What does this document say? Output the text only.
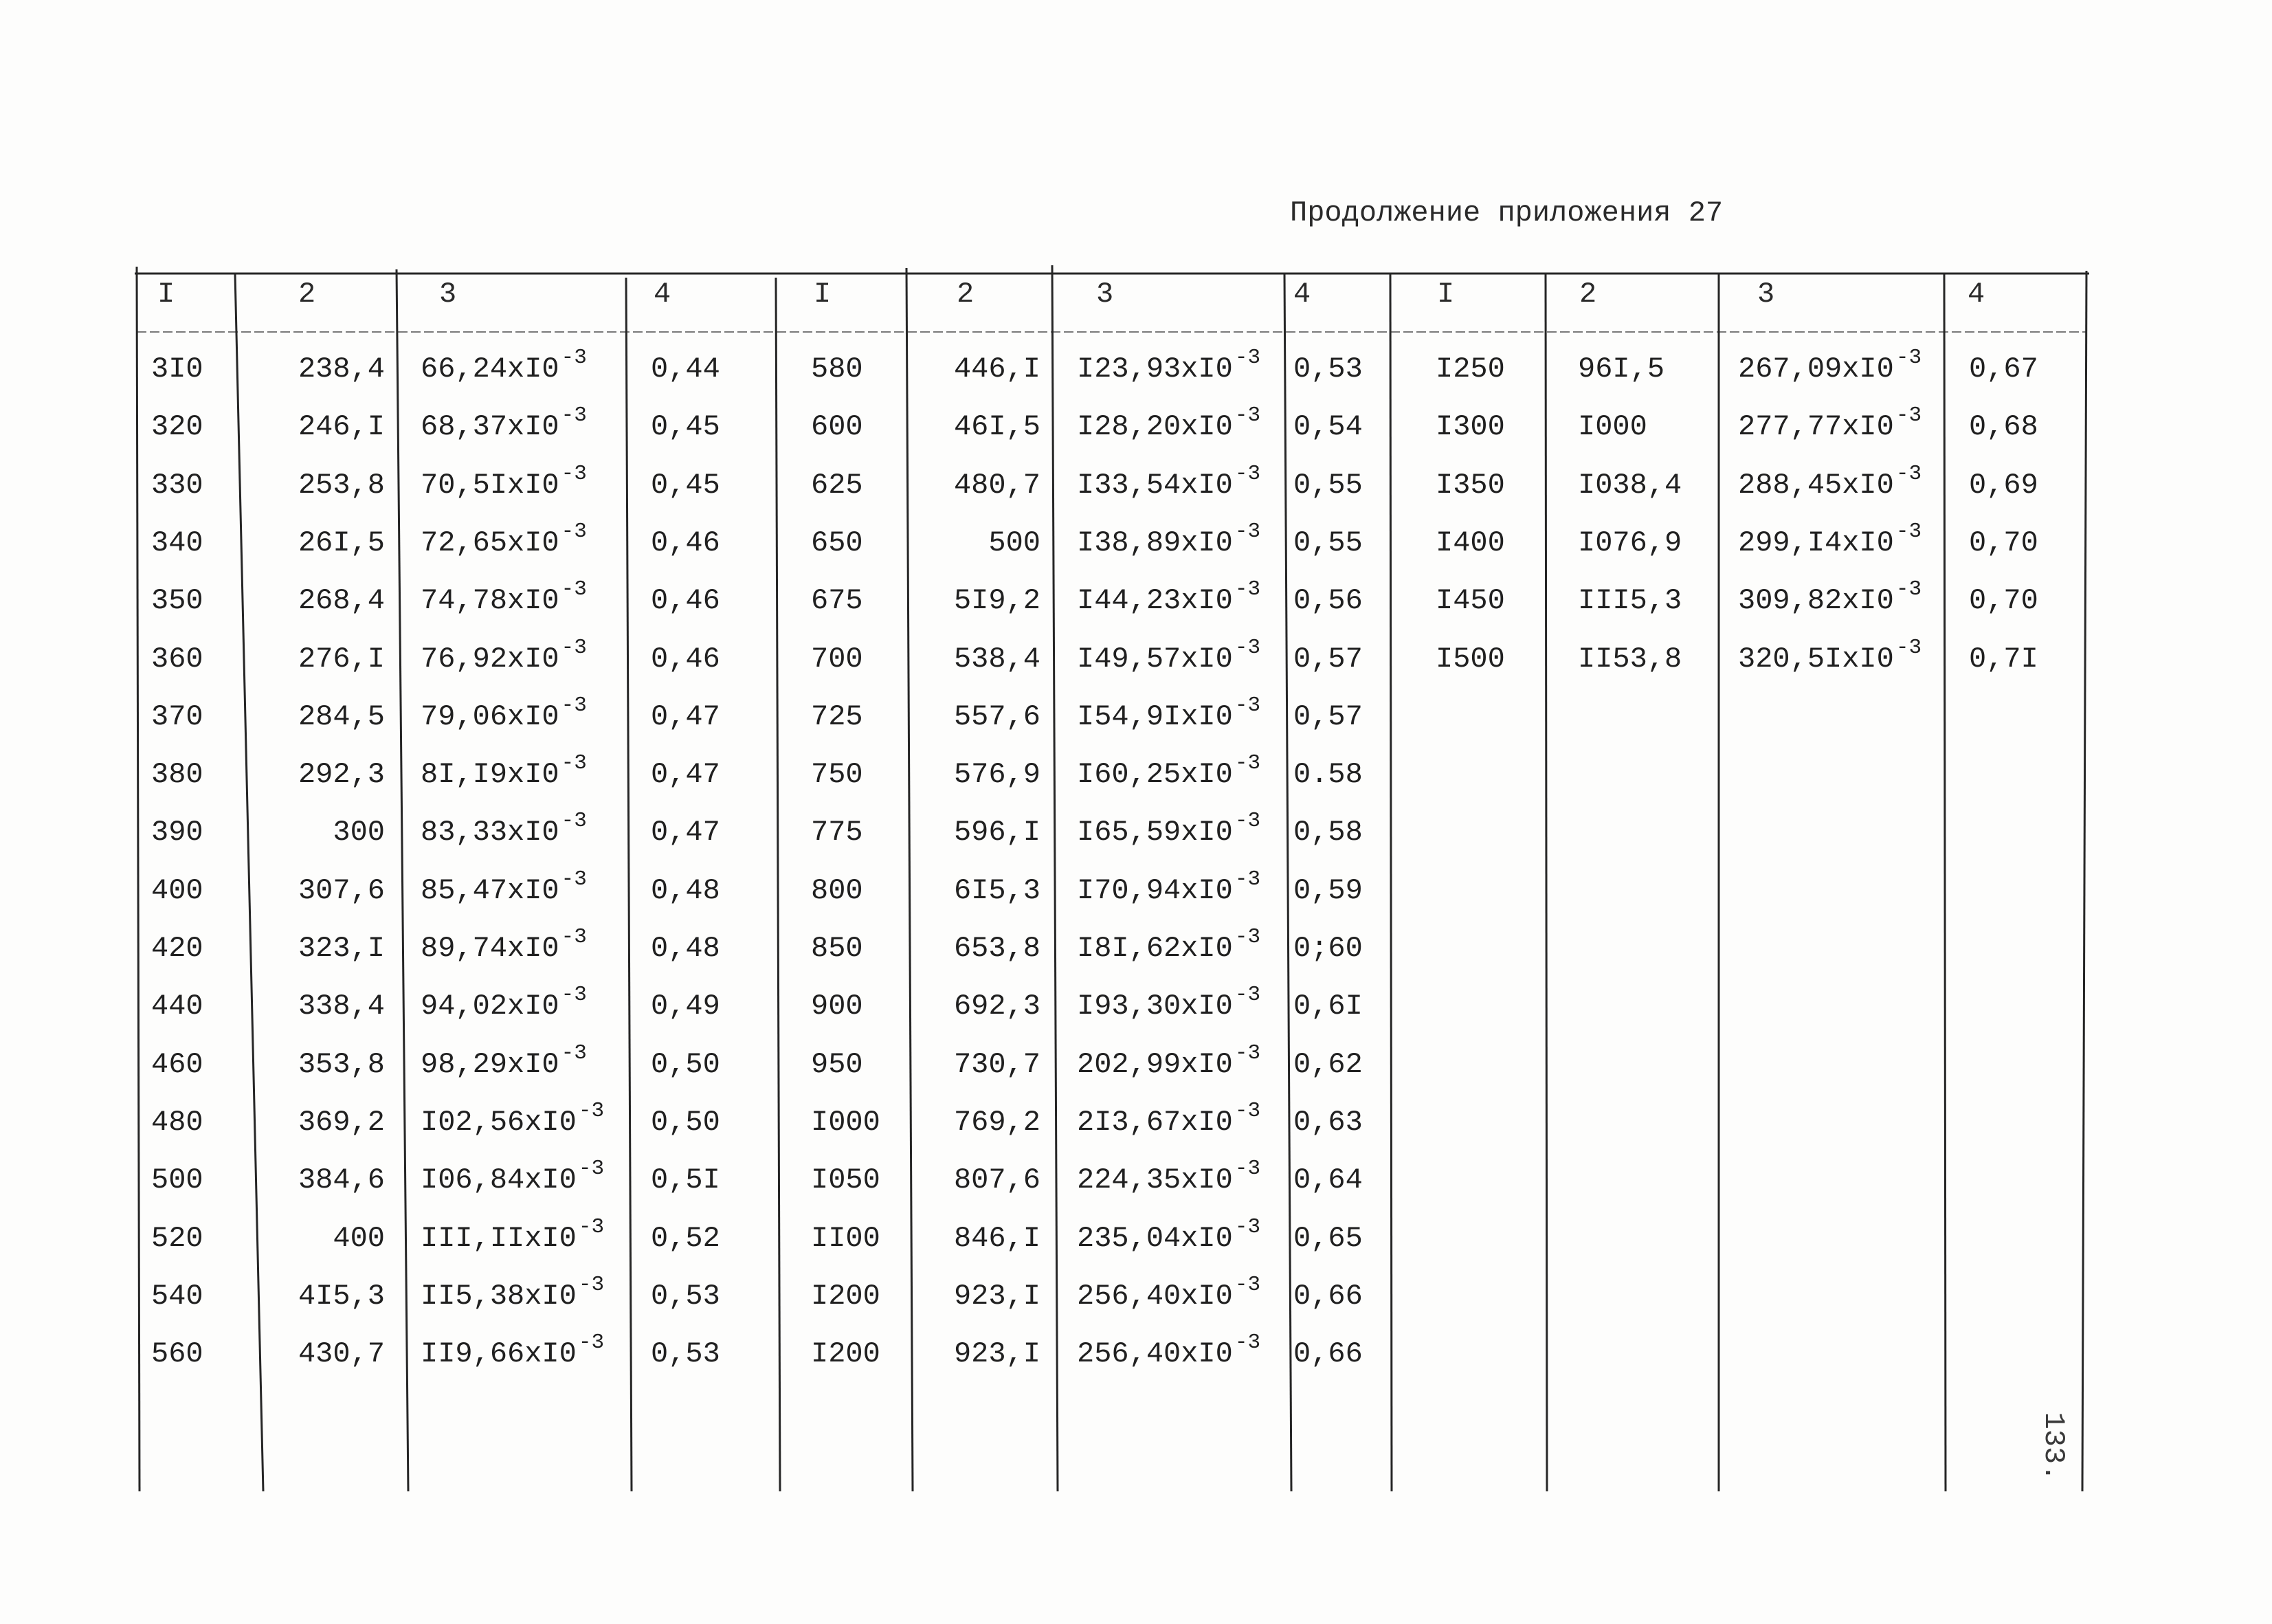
Продолжение приложения 27
I	2	3	4
3I0	238,4 $66,24xI0^{-3}$ 0,44
320	246,I $68,37xI0^{-3}$ 0,45
330	253,8 $70,5IxI0^{-3}$ 0,45
340	26I,5 $72,65xI0^{-3}$ 0,46
350	268,4 $74,78xI0^{-3}$ 0,46
360	276,I $76,92xI0^{-3}$ 0,46
370	284,5 $79,06xI0^{-3}$ 0,47
380	292,3 $8I,I9xI0^{-3}$ 0,47
390	300 $83,33xI0^{-3}$ 0,47
400	307,6 $85,47xI0^{-3}$ 0,48
420	323,I $89,74xI0^{-3}$ 0,48
440	338,4 $94,02xI0^{-3}$ 0,49
460	353,8 $98,29xI0^{-3}$ 0,50
480	369,2 $I02,56xI0^{-3}$ 0,50
500	384,6 $I06,84xI0^{-3}$ 0,5I
520	400 $III,IIxI0^{-3}$ 0,52
540	4I5,3 $II5,38xI0^{-3}$ 0,53
560	430,7 $II9,66xI0^{-3}$ 0,53
I	2	3	4
580	446,I $I23,93xI0^{-3}$ 0,53
600	46I,5 $I28,20xI0^{-3}$ 0,54
625	480,7 $I33,54xI0^{-3}$ 0,55
650	500 $I38,89xI0^{-3}$ 0,55
675	5I9,2 $I44,23xI0^{-3}$ 0,56
700	538,4 $I49,57xI0^{-3}$ 0,57
725	557,6 $I54,9IxI0^{-3}$ 0,57
750	576,9 $I60,25xI0^{-3}$ 0.58
775	596,I $I65,59xI0^{-3}$ 0,58
800	6I5,3 $I70,94xI0^{-3}$ 0,59
850	653,8 $I8I,62xI0^{-3}$ 0;60
900	692,3 $I93,30xI0^{-3}$ 0,6I
950	730,7 $202,99xI0^{-3}$ 0,62
I000	769,2 $2I3,67xI0^{-3}$ 0,63
I050	807,6 $224,35xI0^{-3}$ 0,64
II00	846,I $235,04xI0^{-3}$ 0,65
I200	923,I $256,40xI0^{-3}$ 0,66
I200	923,I $256,40xI0^{-3}$ 0,66
I	2	3	4
I250	96I,5	$267,09xI0^{-3}$ 0,67
I300	I000	$277,77xI0^{-3}$ 0,68
I350	I038,4 $288,45xI0^{-3}$ 0,69
I400	I076,9 $299,I4xI0^{-3}$ 0,70
I450	III5,3 $309,82xI0^{-3}$ 0,70
I500	II53,8 $320,5IxI0^{-3}$ 0,7I
133.
